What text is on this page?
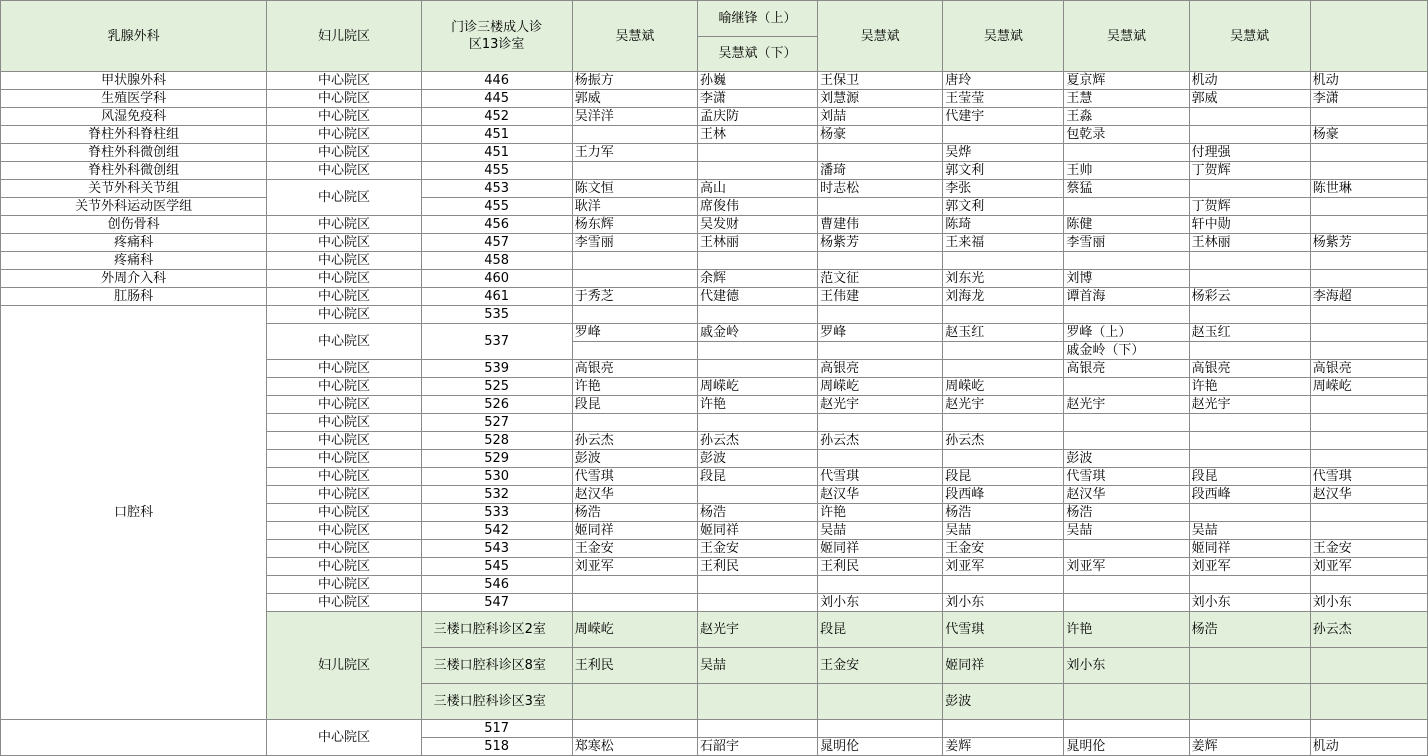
乳腺外科	妇儿院区	门诊三楼成人诊区13诊室	吴慧斌	喻继锋（上）	吴慧斌	吴慧斌	吴慧斌	吴慧斌	
				吴慧斌（下）					
甲状腺外科	中心院区	446	杨振方	孙巍	王保卫	唐玲	夏京辉	机动	机动
生殖医学科	中心院区	445	郭威	李潇	刘慧源	王莹莹	王慧	郭威	李潇
风湿免疫科	中心院区	452	吴洋洋	孟庆防	刘喆	代建宇	王淼		
脊柱外科脊柱组	中心院区	451		王林	杨豪		包乾录		杨豪
脊柱外科微创组	中心院区	451	王力军			吴烨		付理强	
脊柱外科微创组	中心院区	455			潘琦	郭文利	王帅	丁贺辉	
关节外科关节组	中心院区	453	陈文恒	高山	时志松	李张	蔡猛		陈世琳
关节外科运动医学组		455	耿洋	席俊伟		郭文利		丁贺辉	
创伤骨科	中心院区	456	杨东辉	吴发财	曹建伟	陈琦	陈健	轩中勋	
疼痛科	中心院区	457	李雪丽	王林丽	杨紫芳	王来福	李雪丽	王林丽	杨紫芳
疼痛科	中心院区	458							
外周介入科	中心院区	460		余辉	范文征	刘东光	刘博		
肛肠科	中心院区	461	于秀芝	代建德	王伟建	刘海龙	谭首海	杨彩云	李海超
口腔科	中心院区	535							
	中心院区	537	罗峰	戚金岭	罗峰	赵玉红	罗峰（上）	赵玉红	
							戚金岭（下）		
	中心院区	539	高银亮		高银亮		高银亮	高银亮	高银亮
	中心院区	525	许艳	周嵘屹	周嵘屹	周嵘屹		许艳	周嵘屹
	中心院区	526	段昆	许艳	赵光宇	赵光宇	赵光宇	赵光宇	
	中心院区	527							
	中心院区	528	孙云杰	孙云杰	孙云杰	孙云杰			
	中心院区	529	彭波	彭波			彭波		
	中心院区	530	代雪琪	段昆	代雪琪	段昆	代雪琪	段昆	代雪琪
	中心院区	532	赵汉华		赵汉华	段西峰	赵汉华	段西峰	赵汉华
	中心院区	533	杨浩	杨浩	许艳	杨浩	杨浩		
	中心院区	542	姬同祥	姬同祥	吴喆	吴喆	吴喆	吴喆	
	中心院区	543	王金安	王金安	姬同祥	王金安		姬同祥	王金安
	中心院区	545	刘亚军	王利民	王利民	刘亚军	刘亚军	刘亚军	刘亚军
	中心院区	546							
	中心院区	547			刘小东	刘小东		刘小东	刘小东
	妇儿院区	三楼口腔科诊区2室	周嵘屹	赵光宇	段昆	代雪琪	许艳	杨浩	孙云杰
		三楼口腔科诊区8室	王利民	吴喆	王金安	姬同祥	刘小东		
		三楼口腔科诊区3室				彭波			
	中心院区	517							
		518	郑寒松	石韶宇	晁明伦	姜辉	晁明伦	姜辉	机动
